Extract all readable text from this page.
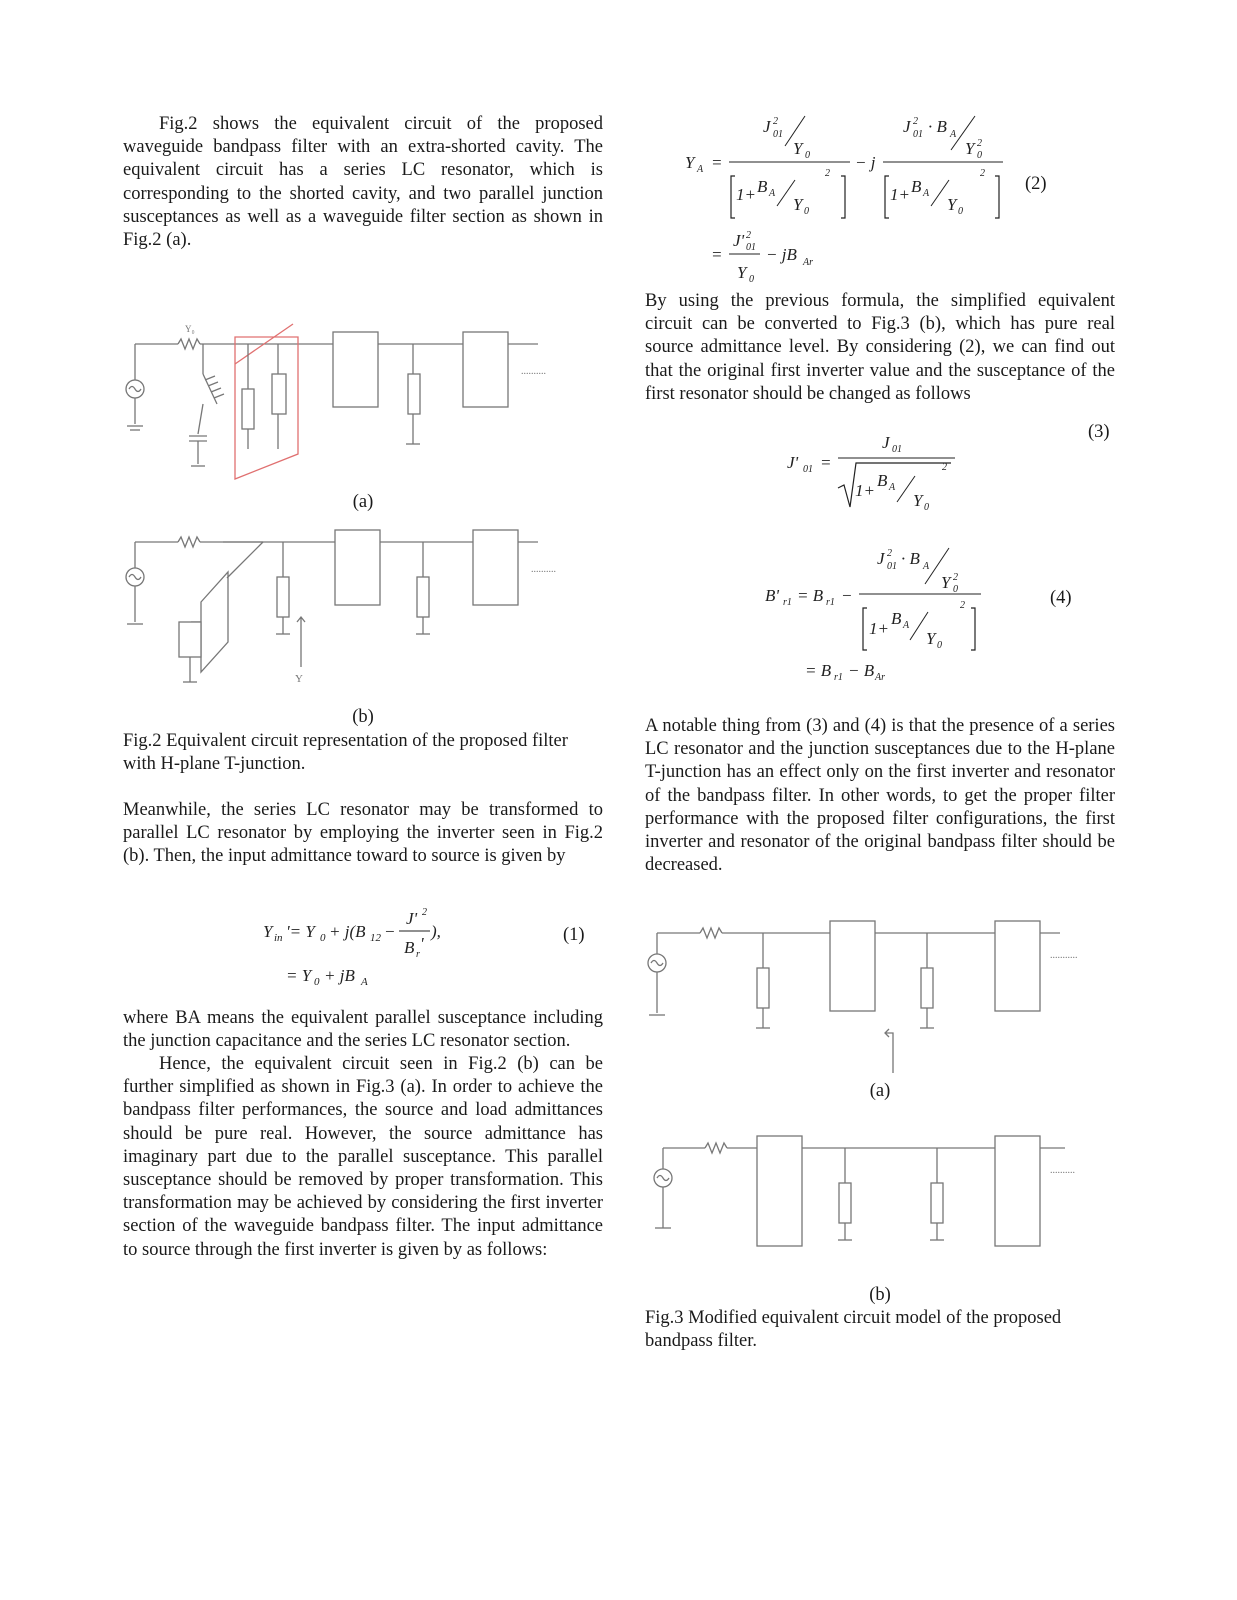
Fig.2 shows the equivalent circuit of the proposed waveguide bandpass filter with an extra-shorted cavity. The equivalent circuit has a series LC resonator, which is corresponding to the shorted cavity, and two parallel junction susceptances as well as a waveguide filter section as shown in Fig.2 (a).

Y₀
..........
(a)
Y
..........
(b)

Fig.2 Equivalent circuit representation of the proposed filter with H-plane T-junction.

Meanwhile, the series LC resonator may be transformed to parallel LC resonator by employing the inverter seen in Fig.2 (b). Then, the input admittance toward to source is given by

Y in '= Y 0 + j(B 12 −
J' 2
B r
'
),
= Y 0 + jB A
(1)

where BA means the equivalent parallel susceptance including the junction capacitance and the series LC resonator section.

Hence, the equivalent circuit seen in Fig.2 (b) can be further simplified as shown in Fig.3 (a). In order to achieve the bandpass filter performances, the source and load admittances should be pure real. However, the source admittance has imaginary part due to the parallel susceptance. This parallel susceptance should be removed by proper transformation. This transformation may be achieved by considering the first inverter section of the waveguide bandpass filter. The input admittance to source through the first inverter is given by as follows:

Y A =
J 2
01
Y 0
1+ B A
Y 0
2
− j
J 2
01 · B A
Y 2
0
1+ B A
Y 0
2
=
J' 2
01
Y 0
− jB Ar
(2)

By using the previous formula, the simplified equivalent circuit can be converted to Fig.3 (b), which has pure real source admittance level. By considering (2), we can find out that the original first inverter value and the susceptance of the first resonator should be changed as follows

J' 01 =
J 01
1+
B A
Y 0
2
(3)
B' r1 = B r1 −
J 2
01 · B A
Y 2
0
1+
B A
Y 0
2
= B r1 − B Ar
(4)

A notable thing from (3) and (4) is that the presence of a series LC resonator and the junction susceptances due to the H-plane T-junction has an effect only on the first inverter and resonator of the bandpass filter. In other words, to get the proper filter performance with the proposed filter configurations, the first inverter and resonator of the original bandpass filter should be decreased.

...........
(a)
..........
(b)

Fig.3 Modified equivalent circuit model of the proposed bandpass filter.
